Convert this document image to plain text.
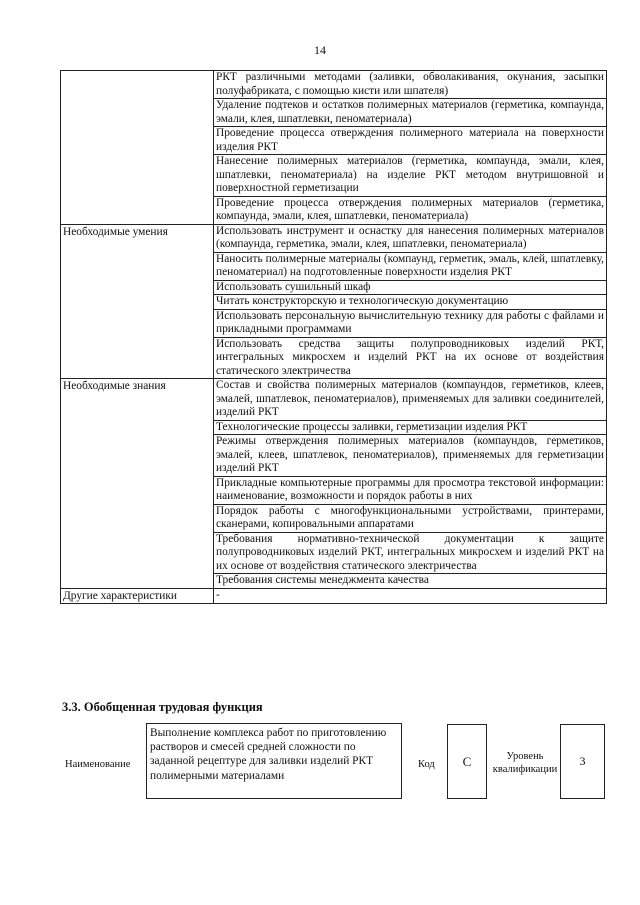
14
	РКТ различными методами (заливки, обволакивания, окунания, засыпки полуфабриката, с помощью кисти или шпателя)
	Удаление подтеков и остатков полимерных материалов (герметика, компаунда, эмали, клея, шпатлевки, пеноматериала)
	Проведение процесса отверждения полимерного материала на поверхности изделия РКТ
	Нанесение полимерных материалов (герметика, компаунда, эмали, клея, шпатлевки, пеноматериала) на изделие РКТ методом внутришовной и поверхностной герметизации
	Проведение процесса отверждения полимерных материалов (герметика, компаунда, эмали, клея, шпатлевки, пеноматериала)
Необходимые умения	Использовать инструмент и оснастку для нанесения полимерных материалов (компаунда, герметика, эмали, клея, шпатлевки, пеноматериала)
	Наносить полимерные материалы (компаунд, герметик, эмаль, клей, шпатлевку, пеноматериал) на подготовленные поверхности изделия РКТ
	Использовать сушильный шкаф
	Читать конструкторскую и технологическую документацию
	Использовать персональную вычислительную технику для работы с файлами и прикладными программами
	Использовать средства защиты полупроводниковых изделий РКТ, интегральных микросхем и изделий РКТ на их основе от воздействия статического электричества
Необходимые знания	Состав и свойства полимерных материалов (компаундов, герметиков, клеев, эмалей, шпатлевок, пеноматериалов), применяемых для заливки соединителей, изделий РКТ
	Технологические процессы заливки, герметизации изделия РКТ
	Режимы отверждения полимерных материалов (компаундов, герметиков, эмалей, клеев, шпатлевок, пеноматериалов), применяемых для герметизации изделий РКТ
	Прикладные компьютерные программы для просмотра текстовой информации: наименование, возможности и порядок работы в них
	Порядок работы с многофункциональными устройствами, принтерами, сканерами, копировальными аппаратами
	Требования нормативно-технической документации к защите полупроводниковых изделий РКТ, интегральных микросхем и изделий РКТ на их основе от воздействия статического электричества
	Требования системы менеджмента качества
Другие характеристики	-
3.3. Обобщенная трудовая функция
Наименование
Выполнение комплекса работ по приготовлению растворов и смесей средней сложности по заданной рецептуре для заливки изделий РКТ полимерными материалами
Код	С	Уровень квалификации
3
